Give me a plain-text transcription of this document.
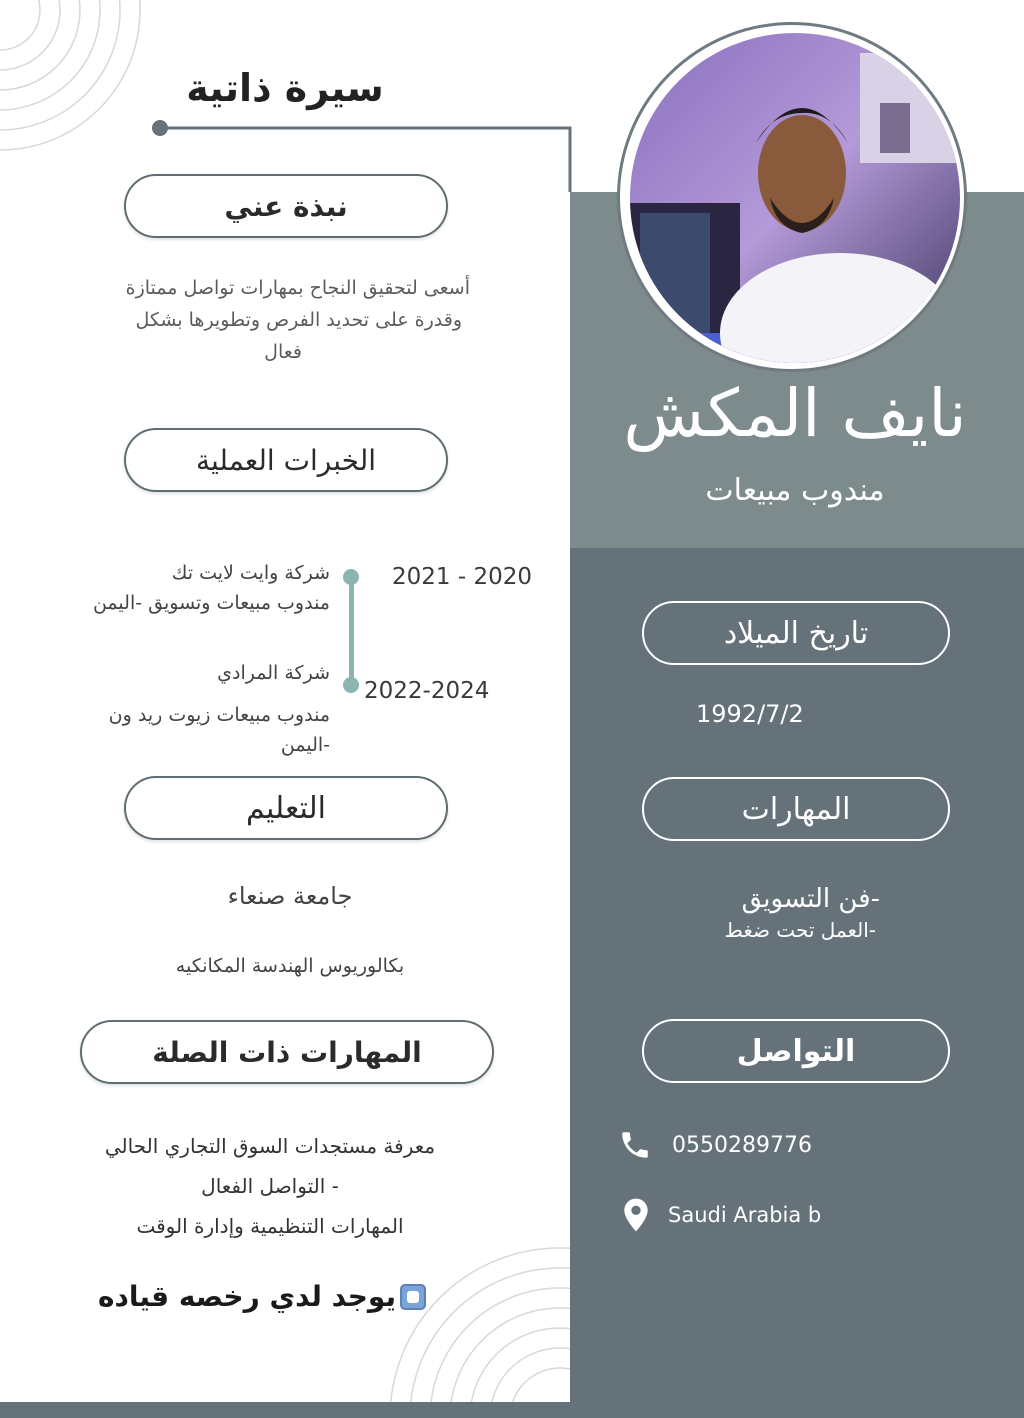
سيرة ذاتية
نايف المكش
مندوب مبيعات
نبذة عني
أسعى لتحقيق النجاح بمهارات تواصل ممتازة
وقدرة على تحديد الفرص وتطويرها بشكل
فعال
الخبرات العملية
2020 - 2021
شركة وايت لايت تك
مندوب مبيعات وتسويق -اليمن
2022-2024
شركة المرادي
مندوب مبيعات زيوت ريد ون
-اليمن
التعليم
جامعة صنعاء
بكالوريوس الهندسة المكانكيه
المهارات ذات الصلة
معرفة مستجدات السوق التجاري الحالي
- التواصل الفعال
المهارات التنظيمية وإدارة الوقت
يوجد لدي رخصه قياده
تاريخ الميلاد
1992/7/2
المهارات
-فن التسويق
-العمل تحت ضغط
التواصل
0550289776
Saudi Arabia b
